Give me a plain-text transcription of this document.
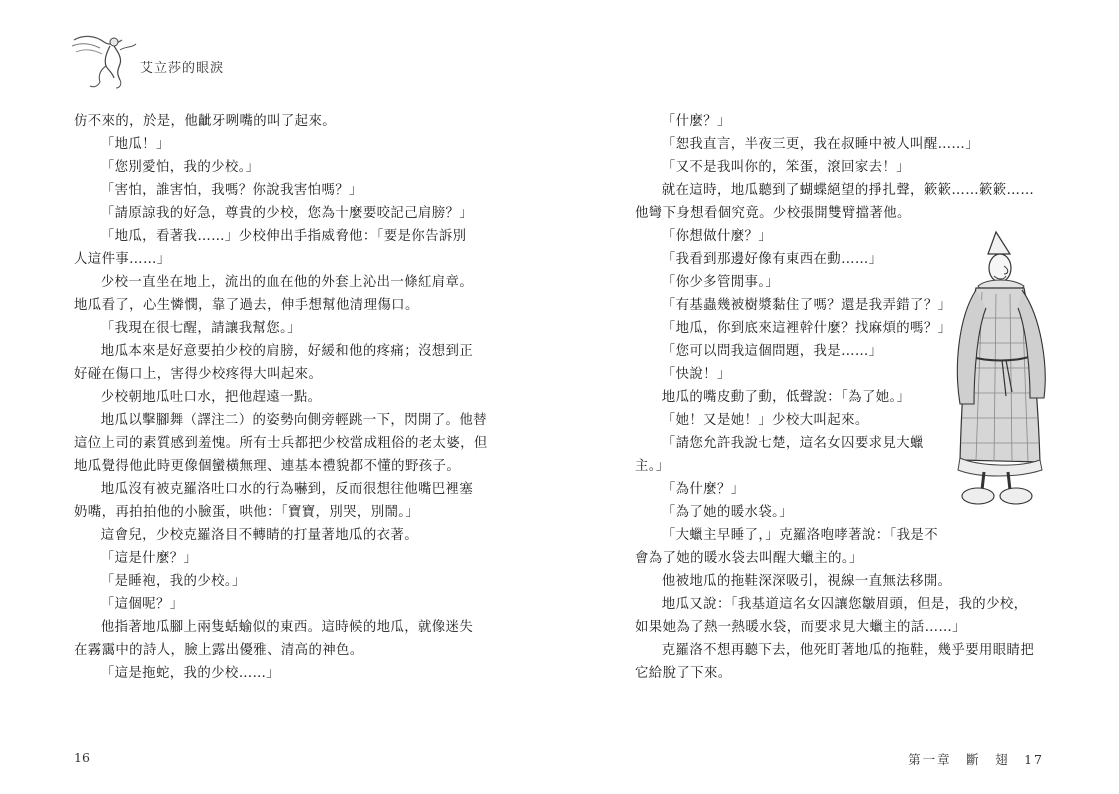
艾立莎的眼淚

仿不來的，於是，他齜牙咧嘴的叫了起來。

「地瓜！」

「您別愛怕，我的少校。」

「害怕，誰害怕，我嗎？你說我害怕嗎？」

「請原諒我的好急，尊貴的少校，您為十麼要咬記己肩膀？」

「地瓜，看著我……」少校伸出手指威脅他：「要是你告訴別

人這件事……」

少校一直坐在地上，流出的血在他的外套上沁出一條紅肩章。

地瓜看了，心生憐憫，靠了過去，伸手想幫他清理傷口。

「我現在很七醒，請讓我幫您。」

地瓜本來是好意要拍少校的肩膀，好緩和他的疼痛；沒想到正

好碰在傷口上，害得少校疼得大叫起來。

少校朝地瓜吐口水，把他趕遠一點。

地瓜以擊腳舞（譯注二）的姿勢向側旁輕跳一下，閃開了。他替

這位上司的素質感到羞愧。所有士兵都把少校當成粗俗的老太婆，但

地瓜覺得他此時更像個蠻橫無理、連基本禮貌都不懂的野孩子。

地瓜沒有被克羅洛吐口水的行為嚇到，反而很想往他嘴巴裡塞

奶嘴，再拍拍他的小臉蛋，哄他：「寶寶，別哭，別鬧。」

這會兒，少校克羅洛目不轉睛的打量著地瓜的衣著。

「這是什麼？」

「是睡袍，我的少校。」

「這個呢？」

他指著地瓜腳上兩隻蛞蝓似的東西。這時候的地瓜，就像迷失

在霧靄中的詩人，臉上露出優雅、清高的神色。

「這是拖蛇，我的少校……」

16

「什麼？」

「恕我直言，半夜三更，我在叔睡中被人叫醒……」

「又不是我叫你的，笨蛋，滾回家去！」

就在這時，地瓜聽到了蝴蝶絕望的掙扎聲，簌簌……簌簌……

他彎下身想看個究竟。少校張開雙臂擋著他。

「你想做什麼？」

「我看到那邊好像有東西在動……」

「你少多管閒事。」

「有基蟲幾被樹漿黏住了嗎？還是我弄錯了？」

「地瓜，你到底來這裡幹什麼？找麻煩的嗎？」

「您可以問我這個問題，我是……」

「快說！」

地瓜的嘴皮動了動，低聲說：「為了她。」

「她！又是她！」少校大叫起來。

「請您允許我說七楚，這名女囚要求見大蠟

主。」

「為什麼？」

「為了她的暖水袋。」

「大蠟主早睡了，」克羅洛咆哮著說：「我是不

會為了她的暖水袋去叫醒大蠟主的。」

他被地瓜的拖鞋深深吸引，視線一直無法移開。

地瓜又說：「我基道這名女囚讓您皺眉頭，但是，我的少校，

如果她為了熱一熱暖水袋，而要求見大蠟主的話……」

克羅洛不想再聽下去，他死盯著地瓜的拖鞋，幾乎要用眼睛把

它給脫了下來。

第一章　斷　翅　17
